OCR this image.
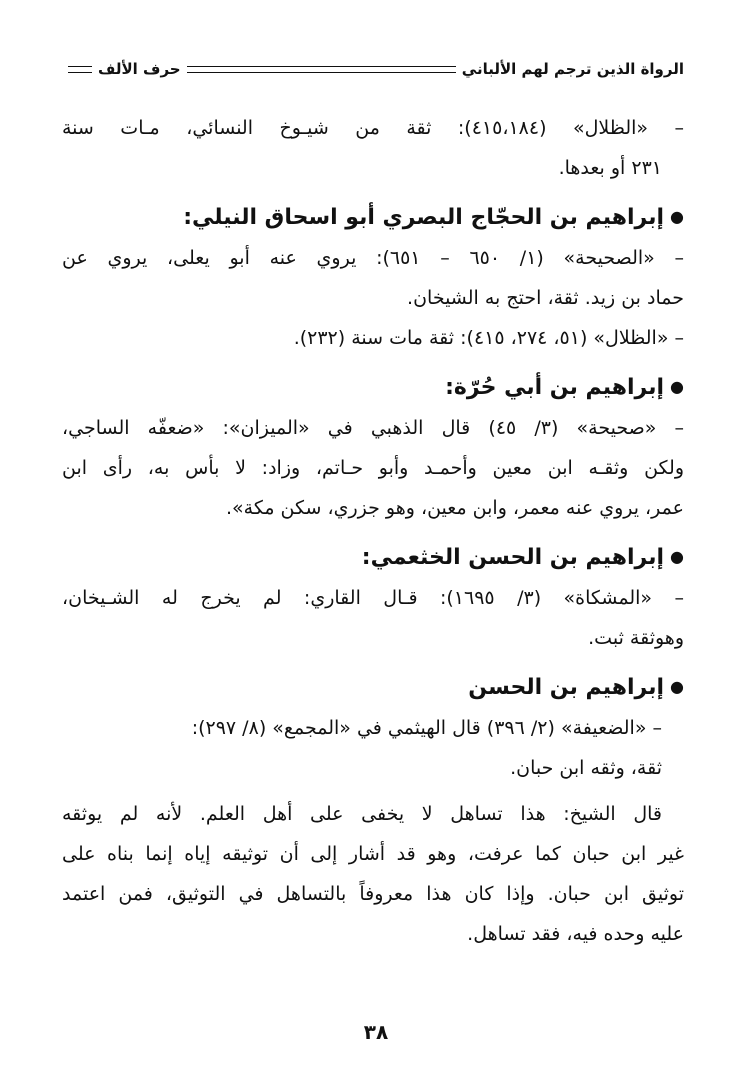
الرواة الذين ترجم لهم الألباني
حرف الألف
– «الظلال» (٤١٥،١٨٤): ثقة من شيـوخ النسائي، مـات سنة
٢٣١ أو بعدها.
●إبراهيم بن الحجّاج البصري أبو اسحاق النيلي:
– «الصحيحة» (١/ ٦٥٠ – ٦٥١): يروي عنه أبو يعلى، يروي عن
حماد بن زيد. ثقة، احتج به الشيخان.
– «الظلال» (٥١، ٢٧٤، ٤١٥): ثقة مات سنة (٢٣٢).
●إبراهيم بن أبي حُرّة:
– «صحيحة» (٣/ ٤٥) قال الذهبي في «الميزان»: «ضعفّه الساجي،
ولكن وثقـه ابن معين وأحمـد وأبو حـاتم، وزاد: لا بأس به، رأى ابن
عمر، يروي عنه معمر، وابن معين، وهو جزري، سكن مكة».
●إبراهيم بن الحسن الخثعمي:
– «المشكاة» (٣/ ١٦٩٥): قـال القاري: لم يخرج له الشـيخان،
وهوثقة ثبت.
●إبراهيم بن الحسن
– «الضعيفة» (٢/ ٣٩٦) قال الهيثمي في «المجمع» (٨/ ٢٩٧):
ثقة، وثقه ابن حبان.
قال الشيخ: هذا تساهل لا يخفى على أهل العلم. لأنه لم يوثقه
غير ابن حبان كما عرفت، وهو قد أشار إلى أن توثيقه إياه إنما بناه على
توثيق ابن حبان. وإذا كان هذا معروفاً بالتساهل في التوثيق، فمن اعتمد
عليه وحده فيه، فقد تساهل.
٣٨
